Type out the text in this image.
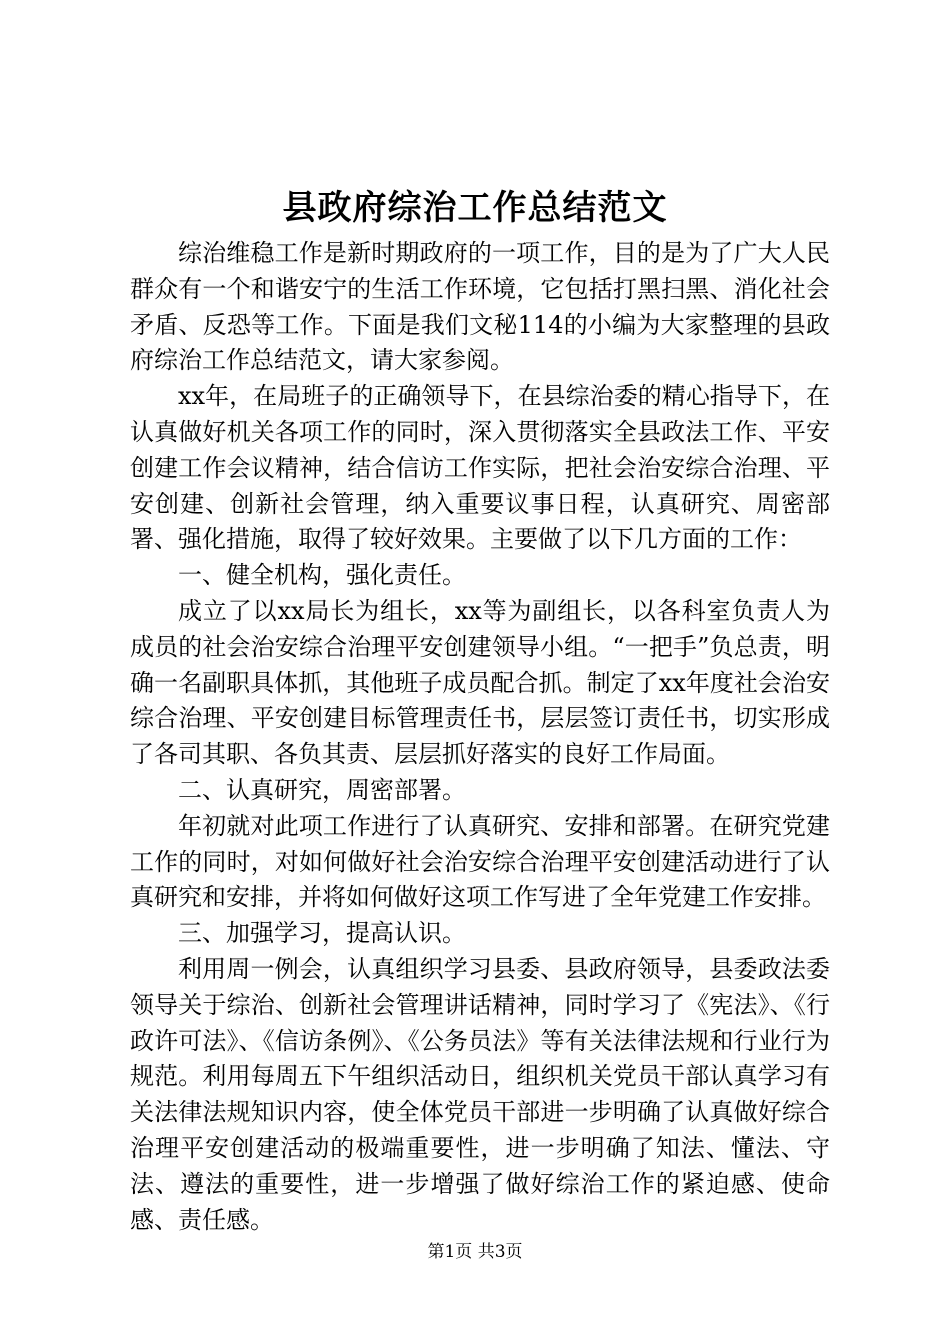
县政府综治工作总结范文

综治维稳工作是新时期政府的一项工作，目的是为了广大人民群众有一个和谐安宁的生活工作环境，它包括打黑扫黑、消化社会矛盾、反恐等工作。下面是我们文秘114的小编为大家整理的县政府综治工作总结范文，请大家参阅。

xx年，在局班子的正确领导下，在县综治委的精心指导下，在认真做好机关各项工作的同时，深入贯彻落实全县政法工作、平安创建工作会议精神，结合信访工作实际，把社会治安综合治理、平安创建、创新社会管理，纳入重要议事日程，认真研究、周密部署、强化措施，取得了较好效果。主要做了以下几方面的工作：

一、健全机构，强化责任。

成立了以xx局长为组长，xx等为副组长，以各科室负责人为成员的社会治安综合治理平安创建领导小组。“一把手”负总责，明确一名副职具体抓，其他班子成员配合抓。制定了xx年度社会治安综合治理、平安创建目标管理责任书，层层签订责任书，切实形成了各司其职、各负其责、层层抓好落实的良好工作局面。

二、认真研究，周密部署。

年初就对此项工作进行了认真研究、安排和部署。在研究党建工作的同时，对如何做好社会治安综合治理平安创建活动进行了认真研究和安排，并将如何做好这项工作写进了全年党建工作安排。

三、加强学习，提高认识。

利用周一例会，认真组织学习县委、县政府领导，县委政法委领导关于综治、创新社会管理讲话精神，同时学习了《宪法》、《行政许可法》、《信访条例》、《公务员法》等有关法律法规和行业行为规范。利用每周五下午组织活动日，组织机关党员干部认真学习有关法律法规知识内容，使全体党员干部进一步明确了认真做好综合治理平安创建活动的极端重要性，进一步明确了知法、懂法、守法、遵法的重要性，进一步增强了做好综治工作的紧迫感、使命感、责任感。

第1页 共3页
